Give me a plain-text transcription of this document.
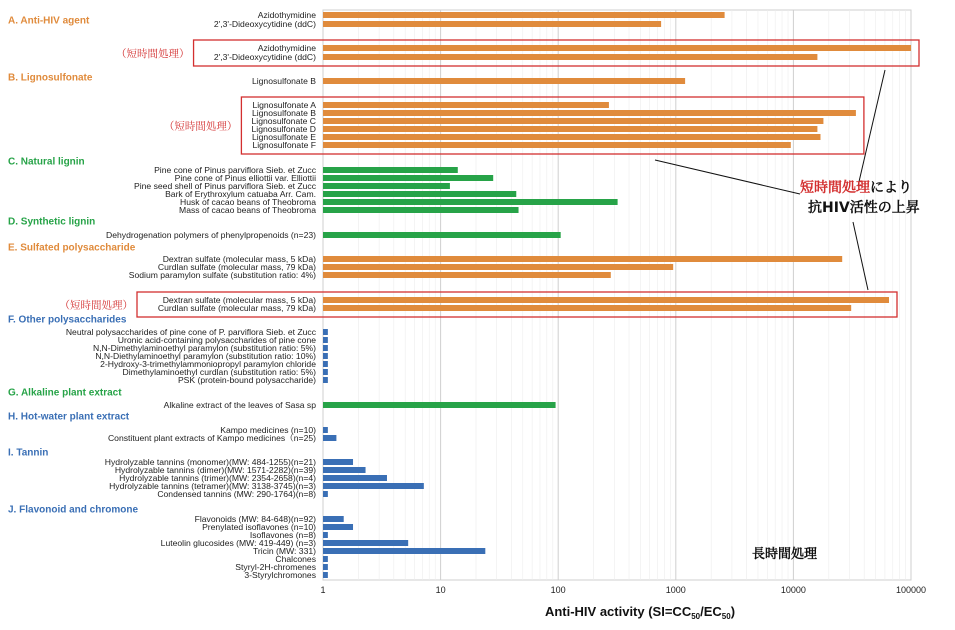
（短時間処理）
（短時間処理）
（短時間処理）
Azidothymidine
2',3'-Dideoxycytidine (ddC)
Azidothymidine
2',3'-Dideoxycytidine (ddC)
Lignosulfonate B
Lignosulfonate A
Lignosulfonate B
Lignosulfonate C
Lignosulfonate D
Lignosulfonate E
Lignosulfonate F
Pine cone of Pinus parviflora Sieb. et Zucc
Pine cone of Pinus elliottii var. Elliottii
Pine seed shell of Pinus parviflora Sieb. et Zucc
Bark of Erythroxylum catuaba Arr. Cam.
Husk of cacao beans of Theobroma
Mass of cacao beans of Theobroma
Dehydrogenation polymers of phenylpropenoids (n=23)
Dextran sulfate (molecular mass, 5 kDa)
Curdlan sulfate (molecular mass, 79 kDa)
Sodium paramylon sulfate (substitution ratio: 4%)
Dextran sulfate (molecular mass, 5 kDa)
Curdlan sulfate (molecular mass, 79 kDa)
Neutral polysaccharides of pine cone of P. parviflora Sieb. et Zucc
Uronic acid-containing polysaccharides of pine cone
N,N-Dimethylaminoethyl paramylon (substitution ratio: 5%)
N,N-Diethylaminoethyl paramylon (substitution ratio: 10%)
2-Hydroxy-3-trimethylammoniopropyl paramylon chloride
Dimethylaminoethyl curdlan (substitution ratio: 5%)
PSK (protein-bound polysaccharide)
Alkaline extract of the leaves of Sasa sp
Kampo medicines (n=10)
Constituent plant extracts of Kampo medicines（n=25)
Hydrolyzable tannins (monomer)(MW: 484-1255)(n=21)
Hydrolyzable tannins (dimer)(MW: 1571-2282)(n=39)
Hydrolyzable tannins (trimer)(MW: 2354-2658)(n=4)
Hydrolyzable tannins (tetramer)(MW: 3138-3745)(n=3)
Condensed tannins (MW: 290-1764)(n=8)
Flavonoids (MW: 84-648)(n=92)
Prenylated isoflavones (n=10)
Isoflavones (n=8)
Luteolin glucosides (MW: 419-449) (n=3)
Tricin (MW: 331)
Chalcones
Styryl-2H-chromenes
3-Styrylchromones
A. Anti-HIV agent
B. Lignosulfonate
C. Natural lignin
D. Synthetic lignin
E. Sulfated polysaccharide
F. Other polysaccharides
G. Alkaline plant extract
H. Hot-water plant extract
I. Tannin
J. Flavonoid and chromone
1	10	100	1000	10000	100000
Anti-HIV activity $(SI=CC_{50}/EC_{50})$
短時間処理により
抗HIV活性の上昇
長時間処理
